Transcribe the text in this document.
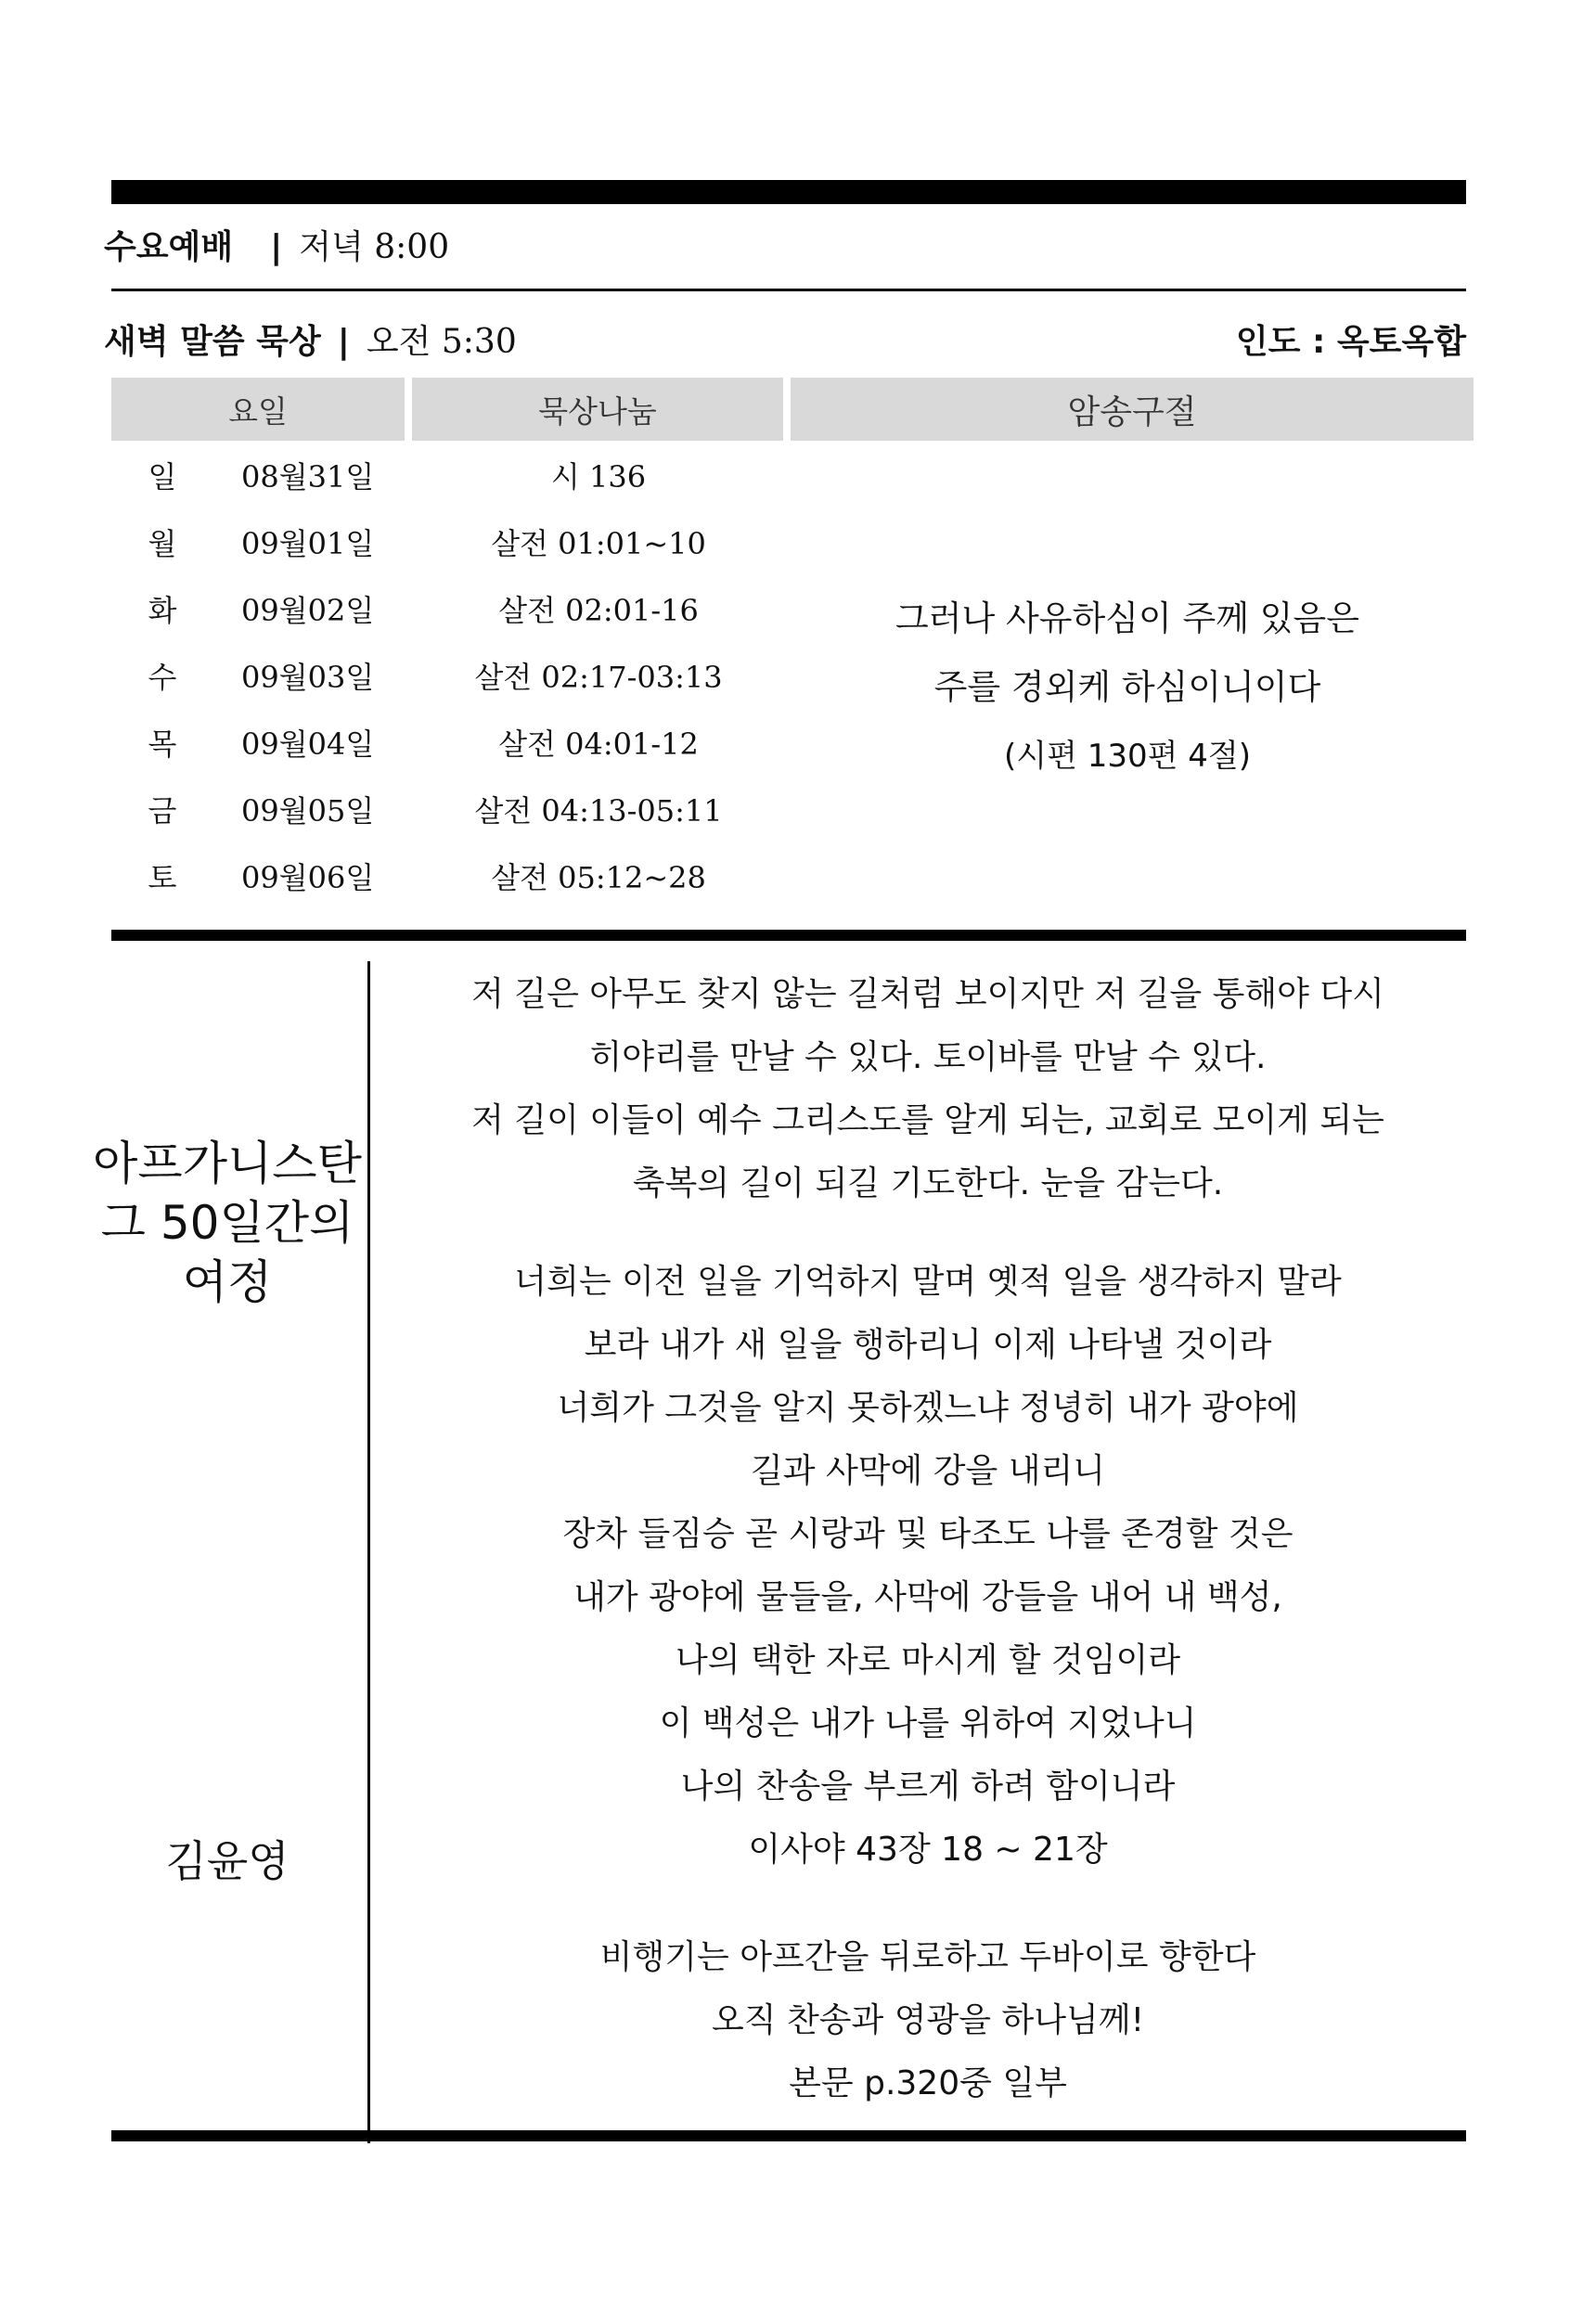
수요예배 | 저녁 8:00
새벽 말씀 묵상 | 오전 5:30	인도 : 옥토옥합
요일	묵상나눔	암송구절
일 08월31일	시 136
월 09월01일	살전 01:01~10
화 09월02일	살전 02:01-16
수 09월03일	살전 02:17-03:13
목 09월04일	살전 04:01-12
금 09월05일	살전 04:13-05:11
토 09월06일	살전 05:12~28
그러나 사유하심이 주께 있음은
주를 경외케 하심이니이다
(시편 130편 4절)
아프가니스탄
그 50일간의
여정
김윤영
저 길은 아무도 찾지 않는 길처럼 보이지만 저 길을 통해야 다시
히야리를 만날 수 있다. 토이바를 만날 수 있다.
저 길이 이들이 예수 그리스도를 알게 되는, 교회로 모이게 되는
축복의 길이 되길 기도한다. 눈을 감는다.
너희는 이전 일을 기억하지 말며 옛적 일을 생각하지 말라
보라 내가 새 일을 행하리니 이제 나타낼 것이라
너희가 그것을 알지 못하겠느냐 정녕히 내가 광야에
길과 사막에 강을 내리니
장차 들짐승 곧 시랑과 및 타조도 나를 존경할 것은
내가 광야에 물들을, 사막에 강들을 내어 내 백성,
나의 택한 자로 마시게 할 것임이라
이 백성은 내가 나를 위하여 지었나니
나의 찬송을 부르게 하려 함이니라
이사야 43장 18 ~ 21장
비행기는 아프간을 뒤로하고 두바이로 향한다
오직 찬송과 영광을 하나님께!
본문 p.320중 일부
